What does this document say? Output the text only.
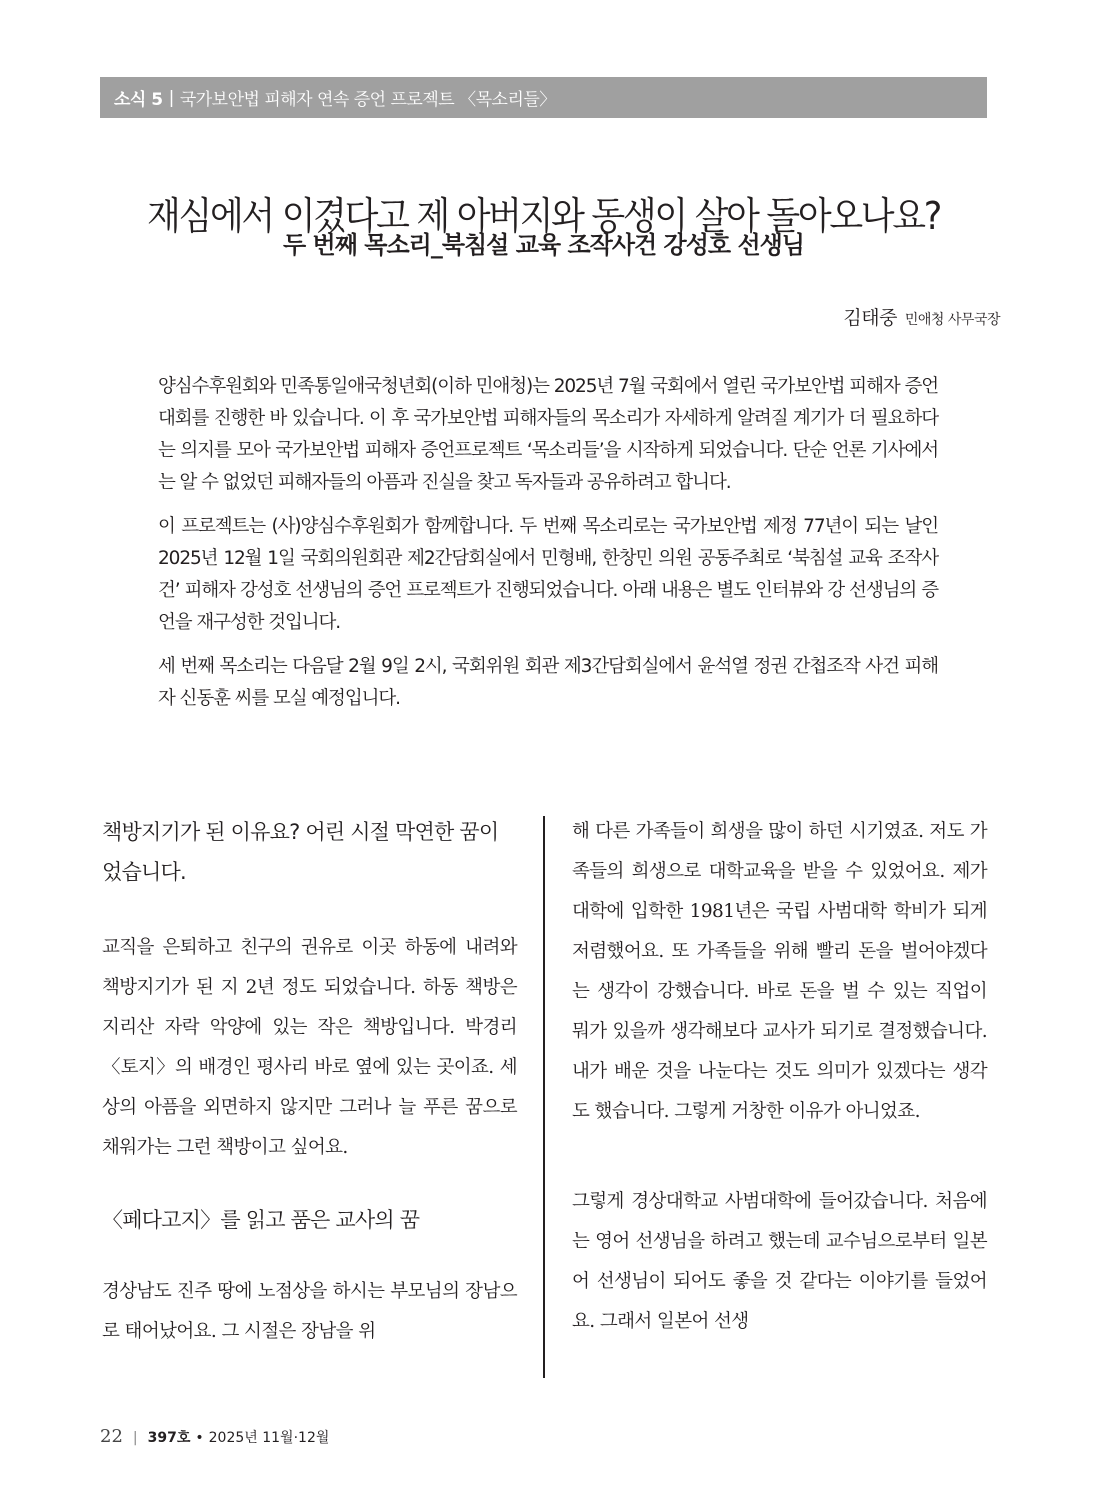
소식 5 | 국가보안법 피해자 연속 증언 프로젝트 〈목소리들〉
재심에서 이겼다고 제 아버지와 동생이 살아 돌아오나요?
두 번째 목소리_북침설 교육 조작사건 강성호 선생님
김태중 민애청 사무국장

양심수후원회와 민족통일애국청년회(이하 민애청)는 2025년 7월 국회에서 열린 국가보안법 피해자 증언대회를 진행한 바 있습니다. 이 후 국가보안법 피해자들의 목소리가 자세하게 알려질 계기가 더 필요하다는 의지를 모아 국가보안법 피해자 증언프로젝트 ‘목소리들’을 시작하게 되었습니다. 단순 언론 기사에서는 알 수 없었던 피해자들의 아픔과 진실을 찾고 독자들과 공유하려고 합니다.

이 프로젝트는 (사)양심수후원회가 함께합니다. 두 번째 목소리로는 국가보안법 제정 77년이 되는 날인 2025년 12월 1일 국회의원회관 제2간담회실에서 민형배, 한창민 의원 공동주최로 ‘북침설 교육 조작사건’ 피해자 강성호 선생님의 증언 프로젝트가 진행되었습니다. 아래 내용은 별도 인터뷰와 강 선생님의 증언을 재구성한 것입니다.

세 번째 목소리는 다음달 2월 9일 2시, 국회위원 회관 제3간담회실에서 윤석열 정권 간첩조작 사건 피해자 신동훈 씨를 모실 예정입니다.

책방지기가 된 이유요? 어린 시절 막연한 꿈이었습니다.

교직을 은퇴하고 친구의 권유로 이곳 하동에 내려와 책방지기가 된 지 2년 정도 되었습니다. 하동 책방은 지리산 자락 악양에 있는 작은 책방입니다. 박경리 〈토지〉의 배경인 평사리 바로 옆에 있는 곳이죠. 세상의 아픔을 외면하지 않지만 그러나 늘 푸른 꿈으로 채워가는 그런 책방이고 싶어요.

〈페다고지〉를 읽고 품은 교사의 꿈

경상남도 진주 땅에 노점상을 하시는 부모님의 장남으로 태어났어요. 그 시절은 장남을 위

해 다른 가족들이 희생을 많이 하던 시기였죠. 저도 가족들의 희생으로 대학교육을 받을 수 있었어요. 제가 대학에 입학한 1981년은 국립 사범대학 학비가 되게 저렴했어요. 또 가족들을 위해 빨리 돈을 벌어야겠다는 생각이 강했습니다. 바로 돈을 벌 수 있는 직업이 뭐가 있을까 생각해보다 교사가 되기로 결정했습니다. 내가 배운 것을 나눈다는 것도 의미가 있겠다는 생각도 했습니다. 그렇게 거창한 이유가 아니었죠.

그렇게 경상대학교 사범대학에 들어갔습니다. 처음에는 영어 선생님을 하려고 했는데 교수님으로부터 일본어 선생님이 되어도 좋을 것 같다는 이야기를 들었어요. 그래서 일본어 선생

22 | 397호 • 2025년 11월·12월
